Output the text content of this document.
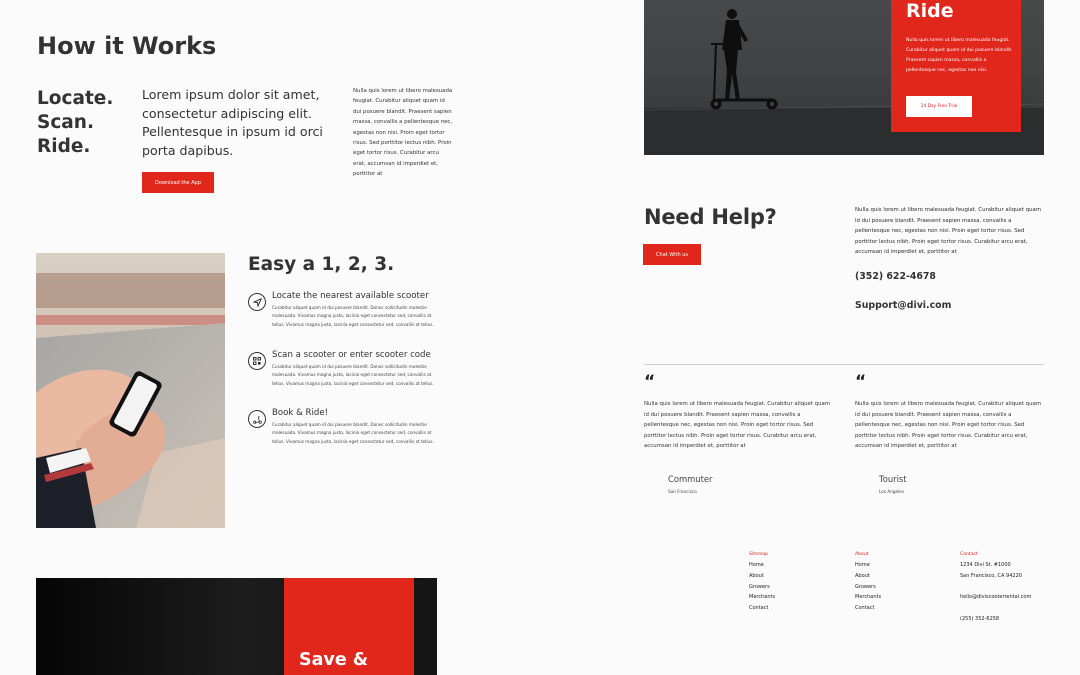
How it Works
Locate.
Scan.
Ride.
Lorem ipsum dolor sit amet, consectetur adipiscing elit. Pellentesque in ipsum id orci porta dapibus.
Nulla quis lorem ut libero malesuada feugiat. Curabitur aliquet quam id dui posuere blandit. Praesent sapien massa, convallis a pellentesque nec, egestas non nisi. Proin eget tortor risus. Sed porttitor lectus nibh. Proin eget tortor risus. Curabitur arcu erat, accumsan id imperdiet et, porttitor at
Download the App
Easy a 1, 2, 3.
Locate the nearest available scooter
Curabitur aliquet quam id dui posuere blandit. Donec sollicitudin molestie malesuada. Vivamus magna justo, lacinia eget consectetur sed, convallis at tellus. Vivamus magna justo, lacinia eget consectetur sed, convallis at tellus.
Scan a scooter or enter scooter code
Curabitur aliquet quam id dui posuere blandit. Donec sollicitudin molestie malesuada. Vivamus magna justo, lacinia eget consectetur sed, convallis at tellus. Vivamus magna justo, lacinia eget consectetur sed, convallis at tellus.
Book & Ride!
Curabitur aliquet quam id dui posuere blandit. Donec sollicitudin molestie malesuada. Vivamus magna justo, lacinia eget consectetur sed, convallis at tellus. Vivamus magna justo, lacinia eget consectetur sed, convallis at tellus.
Save &
Ride
Nulla quis lorem ut libero malesuada feugiat. Curabitur aliquet quam id dui posuere blandit. Praesent sapien massa, convallis a pellentesque nec, egestas non nisi.
14 Day Free Trial
Need Help?
Chat With us
Nulla quis lorem ut libero malesuada feugiat. Curabitur aliquet quam id dui posuere blandit. Praesent sapien massa, convallis a pellentesque nec, egestas non nisi. Proin eget tortor risus. Sed porttitor lectus nibh. Proin eget tortor risus. Curabitur arcu erat, accumsan id imperdiet et, porttitor at
(352) 622-4678
Support@divi.com
“
Nulla quis lorem ut libero malesuada feugiat. Curabitur aliquet quam id dui posuere blandit. Praesent sapien massa, convallis a pellentesque nec, egestas non nisi. Proin eget tortor risus. Sed porttitor lectus nibh. Proin eget tortor risus. Curabitur arcu erat, accumsan id imperdiet et, porttitor at
Commuter
San Francisco
“
Nulla quis lorem ut libero malesuada feugiat. Curabitur aliquet quam id dui posuere blandit. Praesent sapien massa, convallis a pellentesque nec, egestas non nisi. Proin eget tortor risus. Sed porttitor lectus nibh. Proin eget tortor risus. Curabitur arcu erat, accumsan id imperdiet et, porttitor at
Tourist
Los Angeles
Sitemap
Home
About
Growers
Merchants
Contact
About
Home
About
Growers
Merchants
Contact
Contact
1234 Divi St. #1000
San Francisco, CA 94220
hello@diviscooterrental.com
(255) 352-6258
